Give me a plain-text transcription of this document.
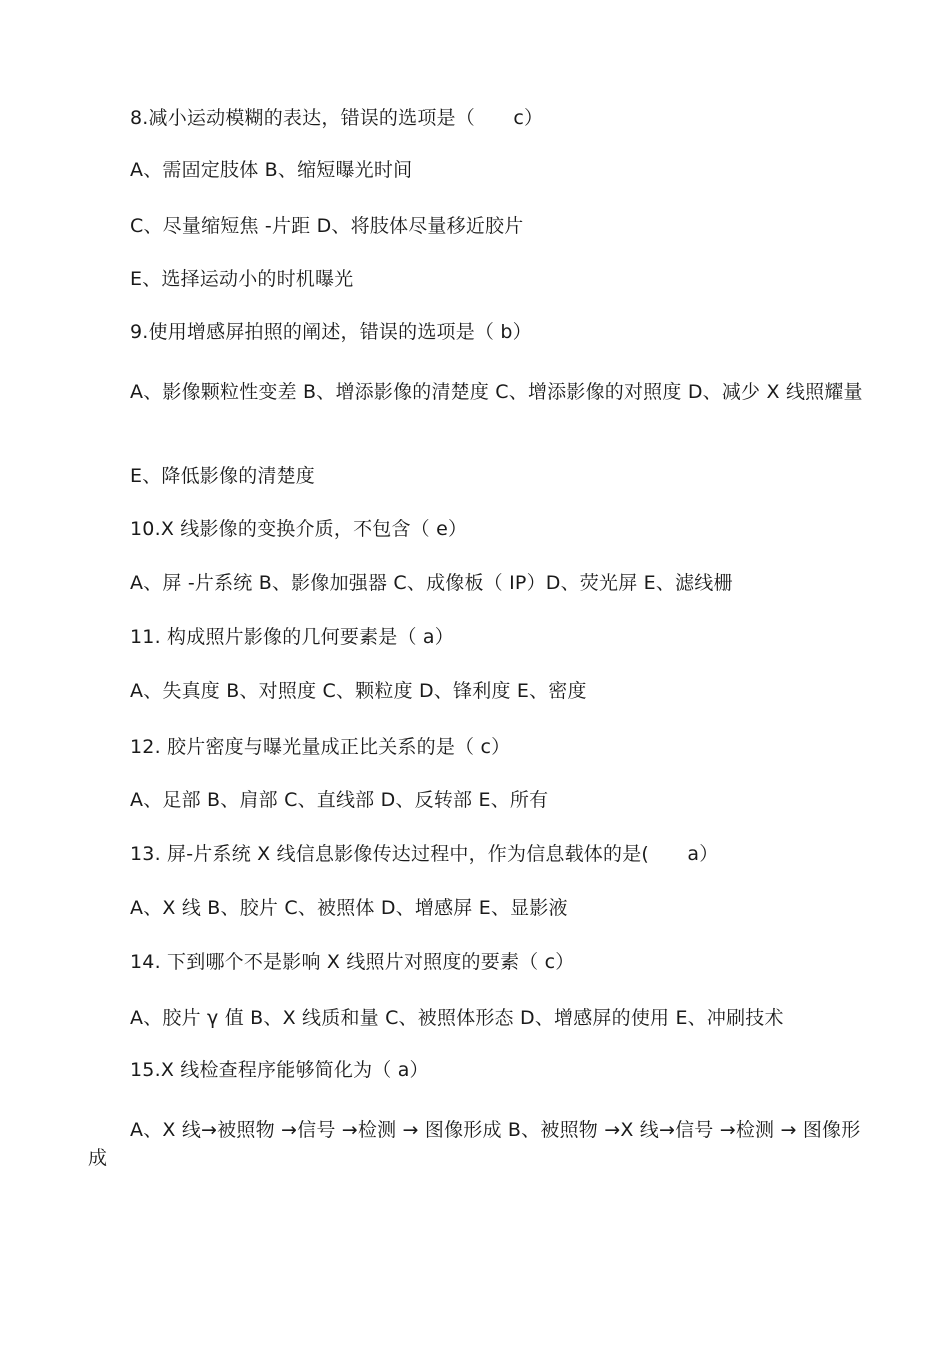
8.减小运动模糊的表达，错误的选项是（　　c）
A、需固定肢体 B、缩短曝光时间
C、尽量缩短焦 -片距 D、将肢体尽量移近胶片
E、选择运动小的时机曝光
9.使用增感屏拍照的阐述，错误的选项是（ b）
A、影像颗粒性变差 B、增添影像的清楚度 C、增添影像的对照度 D、减少 X 线照耀量
E、降低影像的清楚度
10.X 线影像的变换介质，不包含（ e）
A、屏 -片系统 B、影像加强器 C、成像板（ IP）D、荧光屏 E、滤线栅
11. 构成照片影像的几何要素是（ a）
A、失真度 B、对照度 C、颗粒度 D、锋利度 E、密度
12. 胶片密度与曝光量成正比关系的是（ c）
A、足部 B、肩部 C、直线部 D、反转部 E、所有
13. 屏-片系统 X 线信息影像传达过程中，作为信息载体的是(　　a）
A、X 线 B、胶片 C、被照体 D、增感屏 E、显影液
14. 下到哪个不是影响 X 线照片对照度的要素（ c）
A、胶片 γ 值 B、X 线质和量 C、被照体形态 D、增感屏的使用 E、冲刷技术
15.X 线检查程序能够简化为（ a）
A、X 线→被照物 →信号 →检测 → 图像形成 B、被照物 →X 线→信号 →检测 → 图像形成
